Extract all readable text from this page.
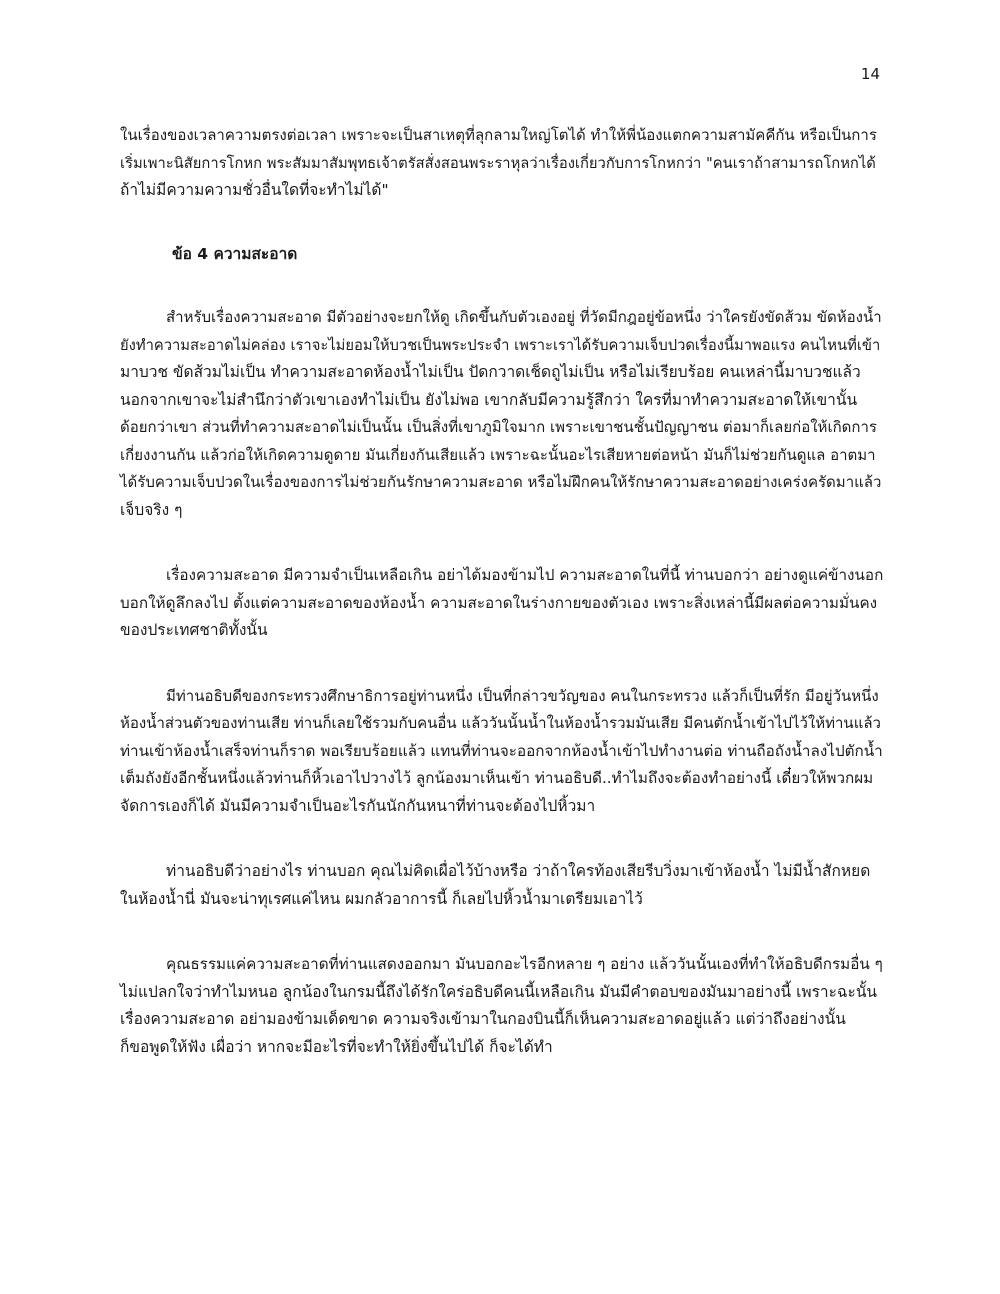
14
ในเรื่องของเวลาความตรงต่อเวลา เพราะจะเป็นสาเหตุที่ลุกลามใหญ่โตได้ ทำให้พี่น้องแตกความสามัคคีกัน หรือเป็นการ
เริ่มเพาะนิสัยการโกหก พระสัมมาสัมพุทธเจ้าตรัสสั่งสอนพระราหุลว่าเรื่องเกี่ยวกับการโกหกว่า "คนเราถ้าสามารถโกหกได้
ถ้าไม่มีความความชั่วอื่นใดที่จะทำไม่ได้"
ข้อ 4 ความสะอาด
สำหรับเรื่องความสะอาด มีตัวอย่างจะยกให้ดู เกิดขึ้นกับตัวเองอยู่ ที่วัดมีกฎอยู่ข้อหนึ่ง ว่าใครยังขัดส้วม ขัดห้องน้ำ
ยังทำความสะอาดไม่คล่อง เราจะไม่ยอมให้บวชเป็นพระประจำ เพราะเราได้รับความเจ็บปวดเรื่องนี้มาพอแรง คนไหนที่เข้า
มาบวช ขัดส้วมไม่เป็น ทำความสะอาดห้องน้ำไม่เป็น ปัดกวาดเช็ดถูไม่เป็น หรือไม่เรียบร้อย คนเหล่านี้มาบวชแล้ว
นอกจากเขาจะไม่สำนึกว่าตัวเขาเองทำไม่เป็น ยังไม่พอ เขากลับมีความรู้สึกว่า ใครที่มาทำความสะอาดให้เขานั้น
ด้อยกว่าเขา ส่วนที่ทำความสะอาดไม่เป็นนั้น เป็นสิ่งที่เขาภูมิใจมาก เพราะเขาชนชั้นปัญญาชน ต่อมาก็เลยก่อให้เกิดการ
เกี่ยงงานกัน แล้วก่อให้เกิดความดูดาย มันเกี่ยงกันเสียแล้ว เพราะฉะนั้นอะไรเสียหายต่อหน้า มันก็ไม่ช่วยกันดูแล อาตมา
ได้รับความเจ็บปวดในเรื่องของการไม่ช่วยกันรักษาความสะอาด หรือไม่ฝึกคนให้รักษาความสะอาดอย่างเคร่งครัดมาแล้ว
เจ็บจริง ๆ
เรื่องความสะอาด มีความจำเป็นเหลือเกิน อย่าได้มองข้ามไป ความสะอาดในที่นี้ ท่านบอกว่า อย่างดูแค่ข้างนอก
บอกให้ดูลึกลงไป ตั้งแต่ความสะอาดของห้องน้ำ ความสะอาดในร่างกายของตัวเอง เพราะสิ่งเหล่านี้มีผลต่อความมั่นคง
ของประเทศชาติทั้งนั้น
มีท่านอธิบดีของกระทรวงศึกษาธิการอยู่ท่านหนึ่ง เป็นที่กล่าวขวัญของ คนในกระทรวง แล้วก็เป็นที่รัก มีอยู่วันหนึ่ง
ห้องน้ำส่วนตัวของท่านเสีย ท่านก็เลยใช้รวมกับคนอื่น แล้ววันนั้นน้ำในห้องน้ำรวมมันเสีย มีคนตักน้ำเข้าไปไว้ให้ท่านแล้ว
ท่านเข้าห้องน้ำเสร็จท่านก็ราด พอเรียบร้อยแล้ว แทนที่ท่านจะออกจากห้องน้ำเข้าไปทำงานต่อ ท่านถือถังน้ำลงไปตักน้ำ
เต็มถังยังอีกชั้นหนึ่งแล้วท่านก็หิ้วเอาไปวางไว้ ลูกน้องมาเห็นเข้า ท่านอธิบดี..ทำไมถึงจะต้องทำอย่างนี้ เดี๋ยวให้พวกผม
จัดการเองก็ได้ มันมีความจำเป็นอะไรกันนักกันหนาที่ท่านจะต้องไปหิ้วมา
ท่านอธิบดีว่าอย่างไร ท่านบอก คุณไม่คิดเผื่อไว้บ้างหรือ ว่าถ้าใครท้องเสียรีบวิ่งมาเข้าห้องน้ำ ไม่มีน้ำสักหยด
ในห้องน้ำนี่ มันจะน่าทุเรศแค่ไหน ผมกลัวอาการนี้ ก็เลยไปหิ้วน้ำมาเตรียมเอาไว้
คุณธรรมแค่ความสะอาดที่ท่านแสดงออกมา มันบอกอะไรอีกหลาย ๆ อย่าง แล้ววันนั้นเองที่ทำให้อธิบดีกรมอื่น ๆ
ไม่แปลกใจว่าทำไมหนอ ลูกน้องในกรมนี้ถึงได้รักใคร่อธิบดีคนนี้เหลือเกิน มันมีคำตอบของมันมาอย่างนี้ เพราะฉะนั้น
เรื่องความสะอาด อย่ามองข้ามเด็ดขาด ความจริงเข้ามาในกองบินนี้ก็เห็นความสะอาดอยู่แล้ว แต่ว่าถึงอย่างนั้น
ก็ขอพูดให้ฟัง เผื่อว่า หากจะมีอะไรที่จะทำให้ยิ่งขึ้นไปได้ ก็จะได้ทำ
